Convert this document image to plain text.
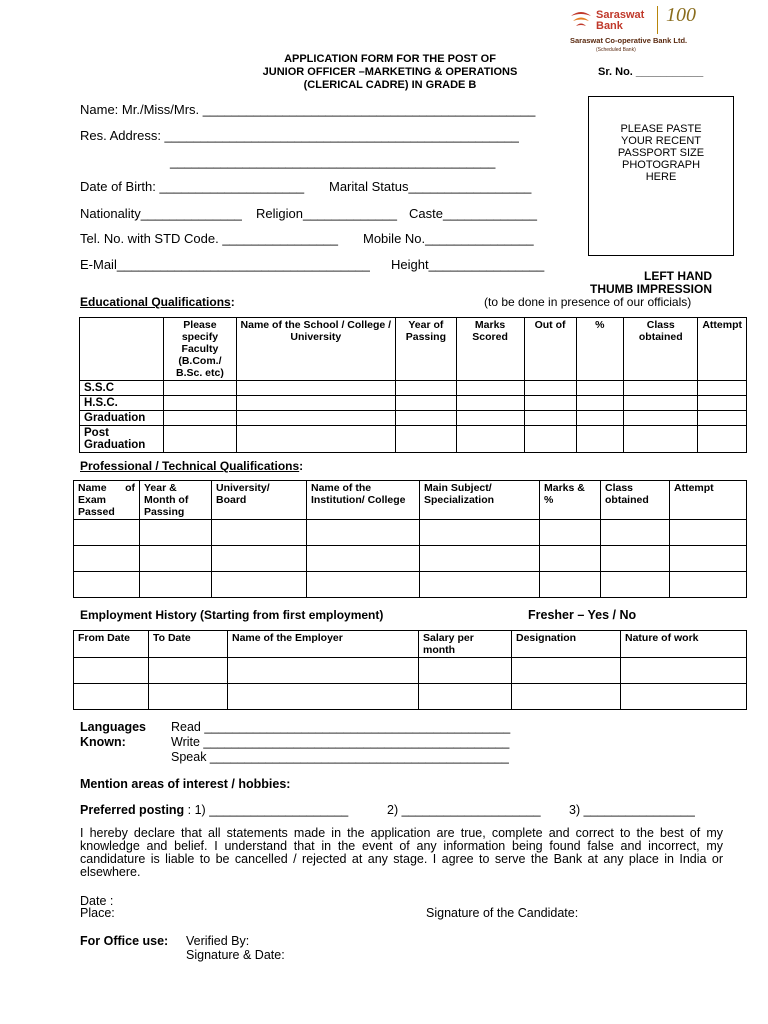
Saraswat
Bank	100
Saraswat Co-operative Bank Ltd.
(Scheduled Bank)
APPLICATION FORM FOR THE POST OF
JUNIOR OFFICER –MARKETING & OPERATIONS
(CLERICAL CADRE) IN GRADE B
Sr. No. ___________
PLEASE PASTE
YOUR RECENT
PASSPORT SIZE
PHOTOGRAPH
HERE
Name: Mr./Miss/Mrs. ______________________________________________
Res. Address: _________________________________________________
_____________________________________________
Date of Birth: ____________________ Marital Status_________________
Nationality______________ Religion_____________ Caste_____________
Tel. No. with STD Code. ________________ Mobile No._______________
E-Mail___________________________________ Height________________
LEFT HAND
THUMB IMPRESSION
(to be done in presence of our officials)
Educational Qualifications:
	Please specify Faculty (B.Com./ B.Sc. etc)	Name of the School / College / University	Year of Passing	Marks Scored	Out of	%	Class obtained	Attempt
S.S.C								
H.S.C.								
Graduation								
Post Graduation								
Professional / Technical Qualifications:
Name of Exam Passed	Year & Month of Passing	University/ Board	Name of the Institution/ College	Main Subject/ Specialization	Marks & %	Class obtained	Attempt

Employment History (Starting from first employment)	Fresher – Yes / No
From Date	To Date	Name of the Employer	Salary per month	Designation	Nature of work

Languages
Known:
Read ____________________________________________
Write ____________________________________________
Speak ___________________________________________
Mention areas of interest / hobbies:
Preferred posting : 1) ____________________	2) ____________________ 3) ________________
I hereby declare that all statements made in the application are true, complete and correct to the best of my knowledge and belief. I understand that in the event of any information being found false and incorrect, my candidature is liable to be cancelled / rejected at any stage. I agree to serve the Bank at any place in India or elsewhere.
Date :
Place:	Signature of the Candidate:
For Office use: Verified By:
Signature & Date:
